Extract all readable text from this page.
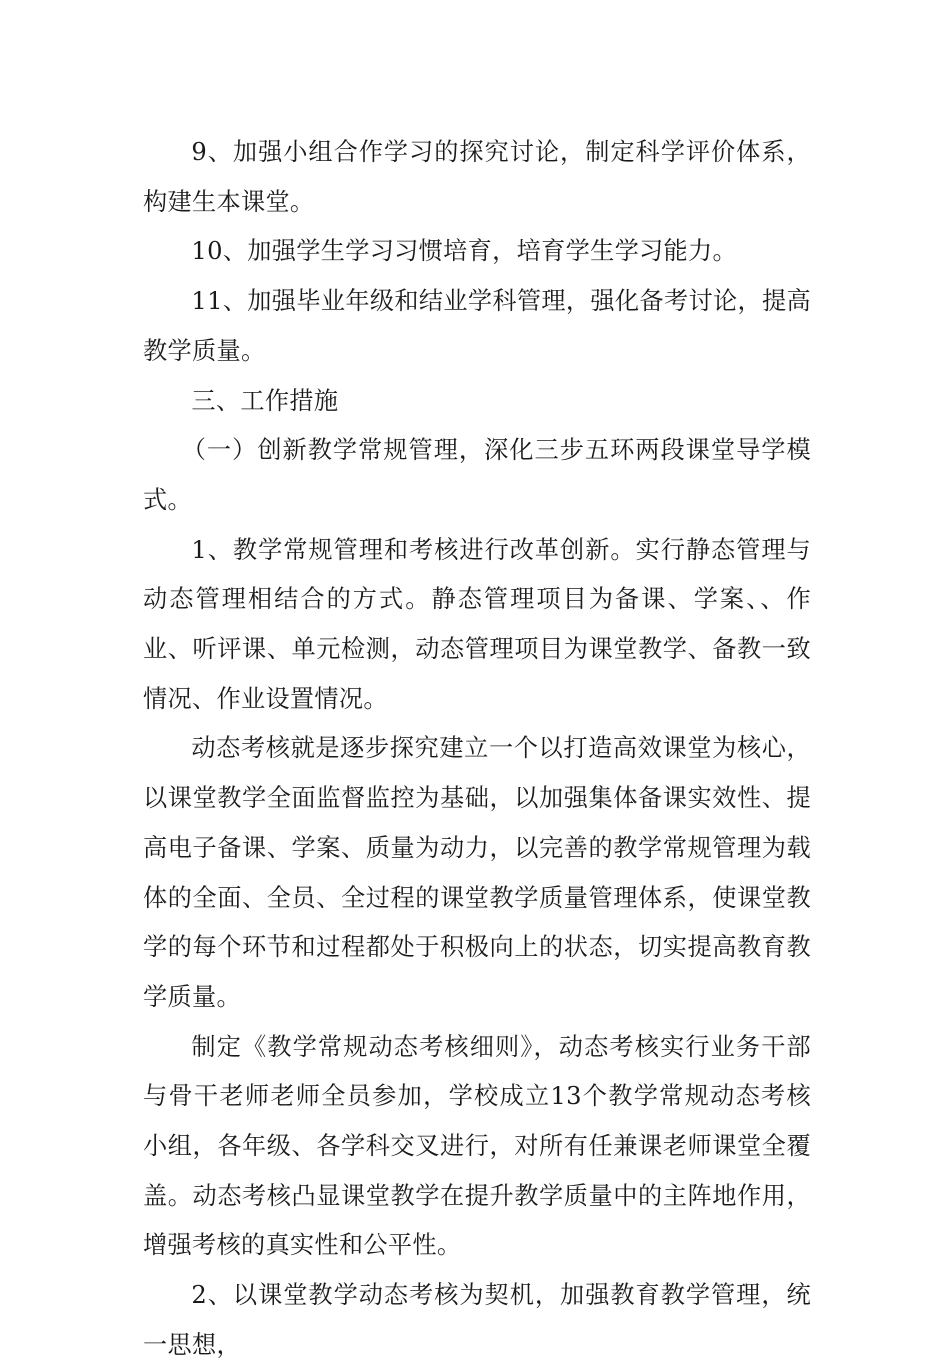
9、加强小组合作学习的探究讨论，制定科学评价体系，构建生本课堂。

10、加强学生学习习惯培育，培育学生学习能力。

11、加强毕业年级和结业学科管理，强化备考讨论，提高教学质量。

三、工作措施

（一）创新教学常规管理，深化三步五环两段课堂导学模式。

1、教学常规管理和考核进行改革创新。实行静态管理与动态管理相结合的方式。静态管理项目为备课、学案、、作业、听评课、单元检测，动态管理项目为课堂教学、备教一致情况、作业设置情况。

动态考核就是逐步探究建立一个以打造高效课堂为核心，以课堂教学全面监督监控为基础，以加强集体备课实效性、提高电子备课、学案、质量为动力，以完善的教学常规管理为载体的全面、全员、全过程的课堂教学质量管理体系，使课堂教学的每个环节和过程都处于积极向上的状态，切实提高教育教学质量。

制定《教学常规动态考核细则》，动态考核实行业务干部与骨干老师老师全员参加，学校成立13个教学常规动态考核小组，各年级、各学科交叉进行，对所有任兼课老师课堂全覆盖。动态考核凸显课堂教学在提升教学质量中的主阵地作用，增强考核的真实性和公平性。

2、以课堂教学动态考核为契机，加强教育教学管理，统一思想，
